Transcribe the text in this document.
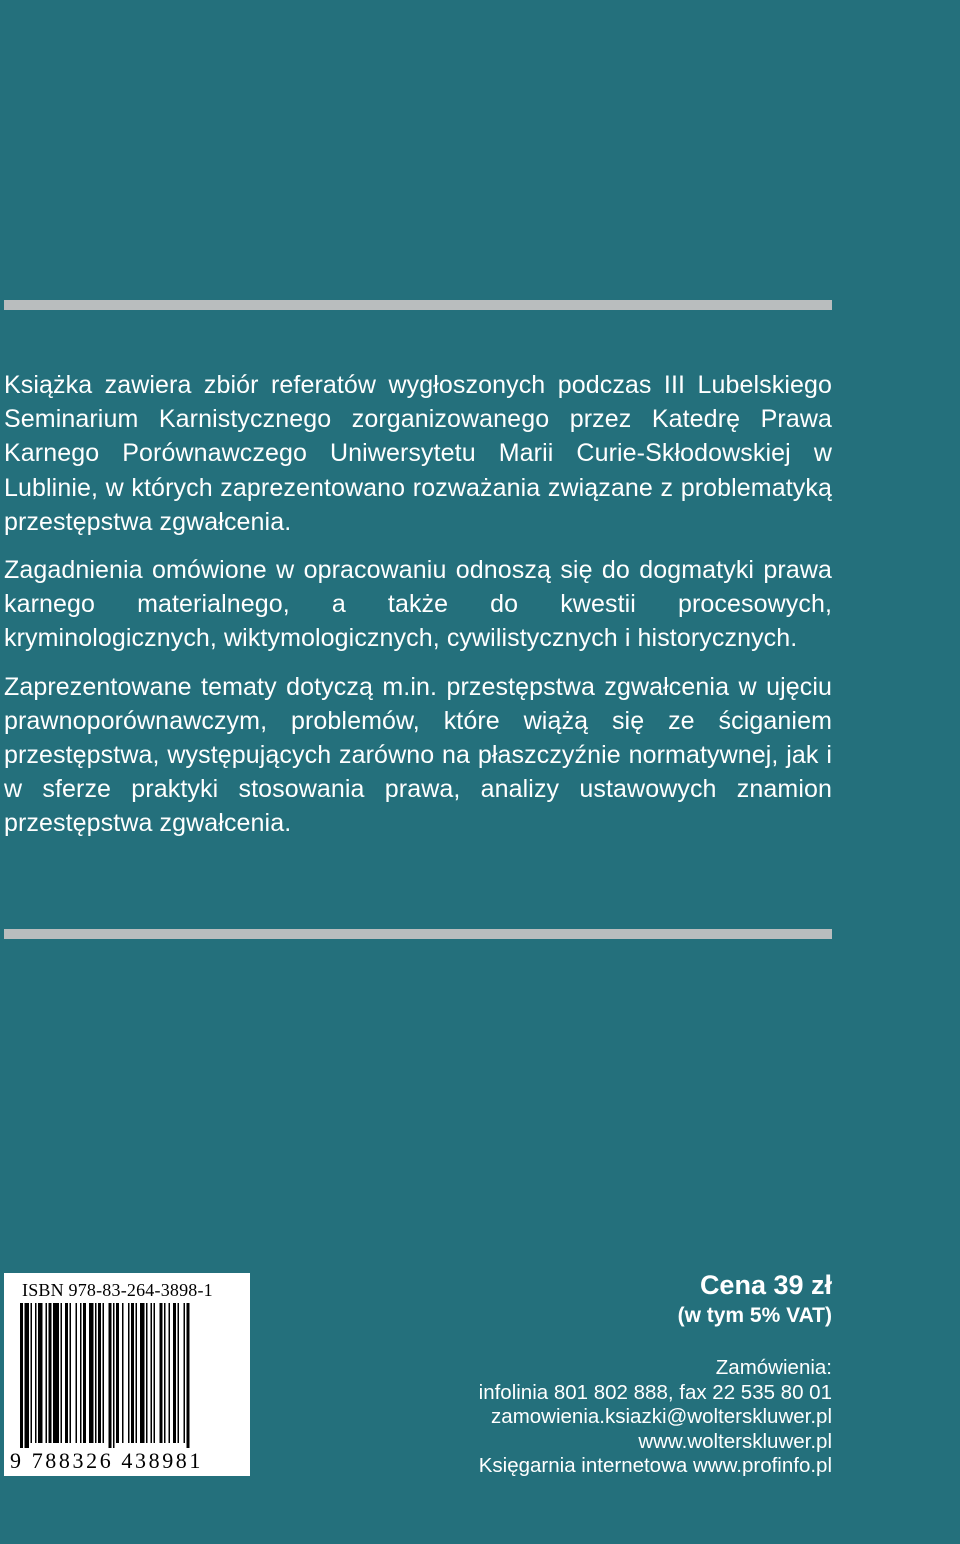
Książka zawiera zbiór referatów wygłoszonych podczas III Lubelskiego Seminarium Karnistycznego zorganizowanego przez Katedrę Prawa Karnego Porównawczego Uniwersytetu Marii Curie-Skłodowskiej w Lublinie, w których zaprezentowano rozważania związane z problematyką przestępstwa zgwałcenia.

Zagadnienia omówione w opracowaniu odnoszą się do dogmatyki prawa karnego materialnego, a także do kwestii procesowych, kryminologicznych, wiktymologicznych, cywilistycznych i historycznych.

Zaprezentowane tematy dotyczą m.in. przestępstwa zgwałcenia w ujęciu prawnoporównawczym, problemów, które wiążą się ze ściganiem przestępstwa, występujących zarówno na płaszczyźnie normatywnej, jak i w sferze praktyki stosowania prawa, analizy ustawowych znamion przestępstwa zgwałcenia.

ISBN 978-83-264-3898-1
9 788326 438981
Cena 39 zł
(w tym 5% VAT)
Zamówienia:
infolinia 801 802 888, fax 22 535 80 01
zamowienia.ksiazki@wolterskluwer.pl
www.wolterskluwer.pl
Księgarnia internetowa www.profinfo.pl
